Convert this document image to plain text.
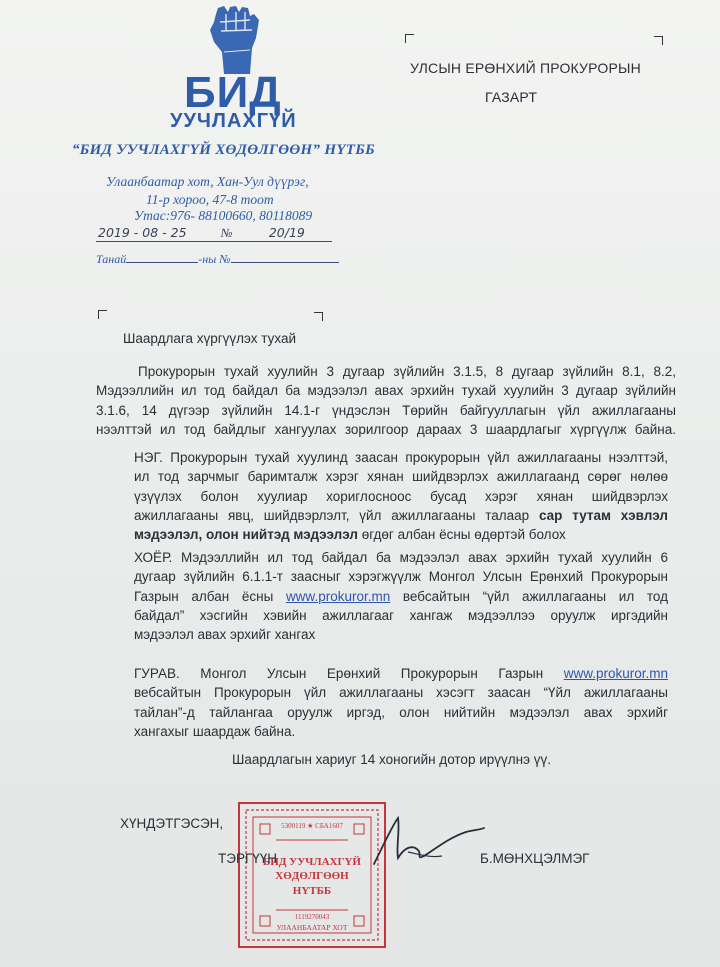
БИД
УУЧЛАХГҮЙ
“БИД УУЧЛАХГҮЙ ХӨДӨЛГӨӨН” НҮТББ
Улаанбаатар хот, Хан-Уул дүүрэг,
11-р хороо, 47-8 тоот
Утас:976- 88100660, 80118089
2019 - 08 - 25	№	20/19
Танай	-ны №
УЛСЫН ЕРӨНХИЙ ПРОКУРОРЫН
ГАЗАРТ
Шаардлага хүргүүлэх тухай
Прокурорын тухай хуулийн 3 дугаар зүйлийн 3.1.5, 8 дугаар зүйлийн 8.1, 8.2,
Мэдээллийн ил тод байдал ба мэдээлэл авах эрхийн тухай хуулийн 3 дугаар зүйлийн
3.1.6, 14 дүгээр зүйлийн 14.1-г үндэслэн Төрийн байгууллагын үйл ажиллагааны
нээлттэй ил тод байдлыг хангуулах зорилгоор дараах 3 шаардлагыг хүргүүлж байна.
НЭГ. Прокурорын тухай хуулинд заасан прокурорын үйл ажиллагааны нээлттэй,
ил тод зарчмыг баримталж хэрэг хянан шийдвэрлэх ажиллагаанд сөрөг нөлөө
үзүүлэх болон хуулиар хориглосноос бусад хэрэг хянан шийдвэрлэх
ажиллагааны явц, шийдвэрлэлт, үйл ажиллагааны талаар сар тутам хэвлэл
мэдээлэл, олон нийтэд мэдээлэл өгдөг албан ёсны өдөртэй болох
ХОЁР. Мэдээллийн ил тод байдал ба мэдээлэл авах эрхийн тухай хуулийн 6
дугаар зүйлийн 6.1.1-т заасныг хэрэгжүүлж Монгол Улсын Ерөнхий Прокурорын
Газрын албан ёсны www.prokuror.mn вебсайтын “үйл ажиллагааны ил тод
байдал” хэсгийн хэвийн ажиллагааг хангаж мэдээллээ оруулж иргэдийн
мэдээлэл авах эрхийг хангах
ГУРАВ. Монгол Улсын Ерөнхий Прокурорын Газрын www.prokuror.mn
вебсайтын Прокурорын үйл ажиллагааны хэсэгт заасан “Үйл ажиллагааны
тайлан”-д тайлангаа оруулж иргэд, олон нийтийн мэдээлэл авах эрхийг
хангахыг шаардаж байна.
Шаардлагын хариуг 14 хоногийн дотор ирүүлнэ үү.
5300119 ★ СБА1607
БИД УУЧЛАХГҮЙ
ХӨДӨЛГӨӨН
НҮТББ
1119270043
УЛААНБААТАР ХОТ
ХҮНДЭТГЭСЭН,
ТЭРГҮҮН	Б.МӨНХЦЭЛМЭГ
